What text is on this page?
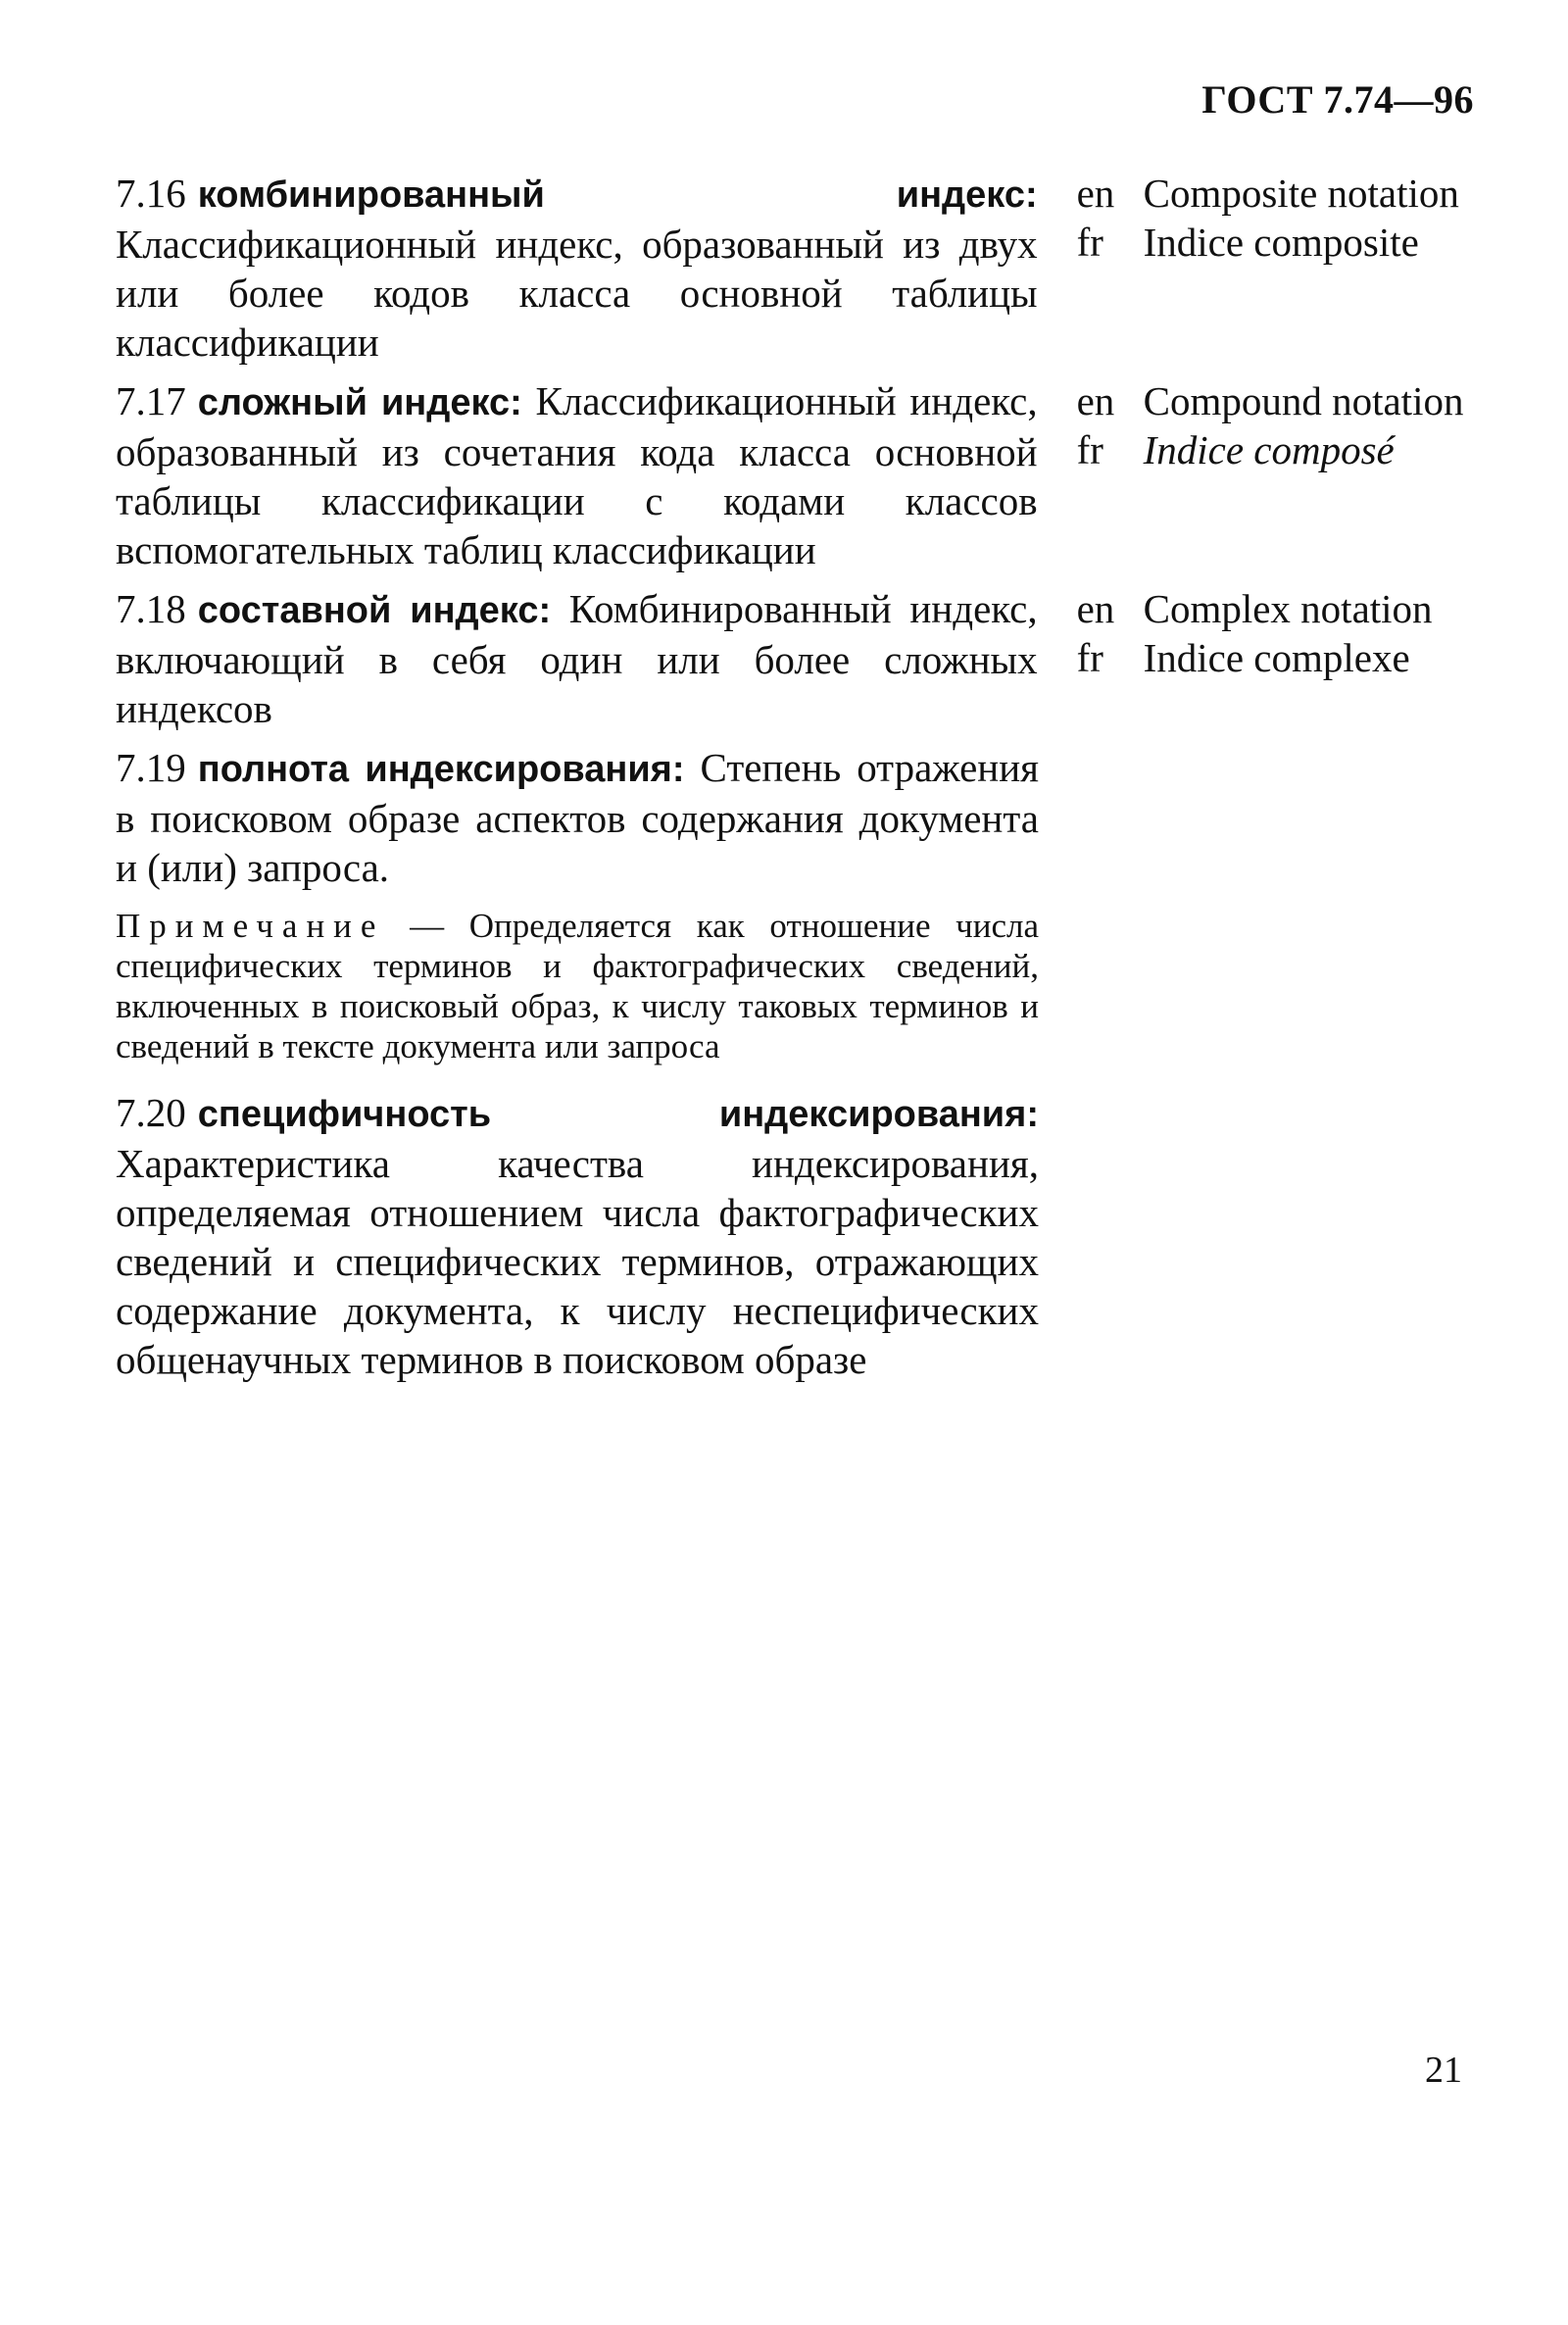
ГОСТ 7.74—96
7.16 комбинированный индекс: Классификационный индекс, образованный из двух или более кодов класса основной таблицы классификации
en Composite notation
fr Indice composite
7.17 сложный индекс: Классификационный индекс, образованный из сочетания кода класса основной таблицы классификации с кодами классов вспомогательных таблиц классификации
en Compound notation
fr Indice composé
7.18 составной индекс: Комбинированный индекс, включающий в себя один или более сложных индексов
en Complex notation
fr Indice complexe
7.19 полнота индексирования: Степень отражения в поисковом образе аспектов содержания документа и (или) запроса.
Примечание — Определяется как отношение числа специфических терминов и фактографических сведений, включенных в поисковый образ, к числу таковых терминов и сведений в тексте документа или запроса
7.20 специфичность индексирования: Характеристика качества индексирования, определяемая отношением числа фактографических сведений и специфических терминов, отражающих содержание документа, к числу неспецифических общенаучных терминов в поисковом образе
21
